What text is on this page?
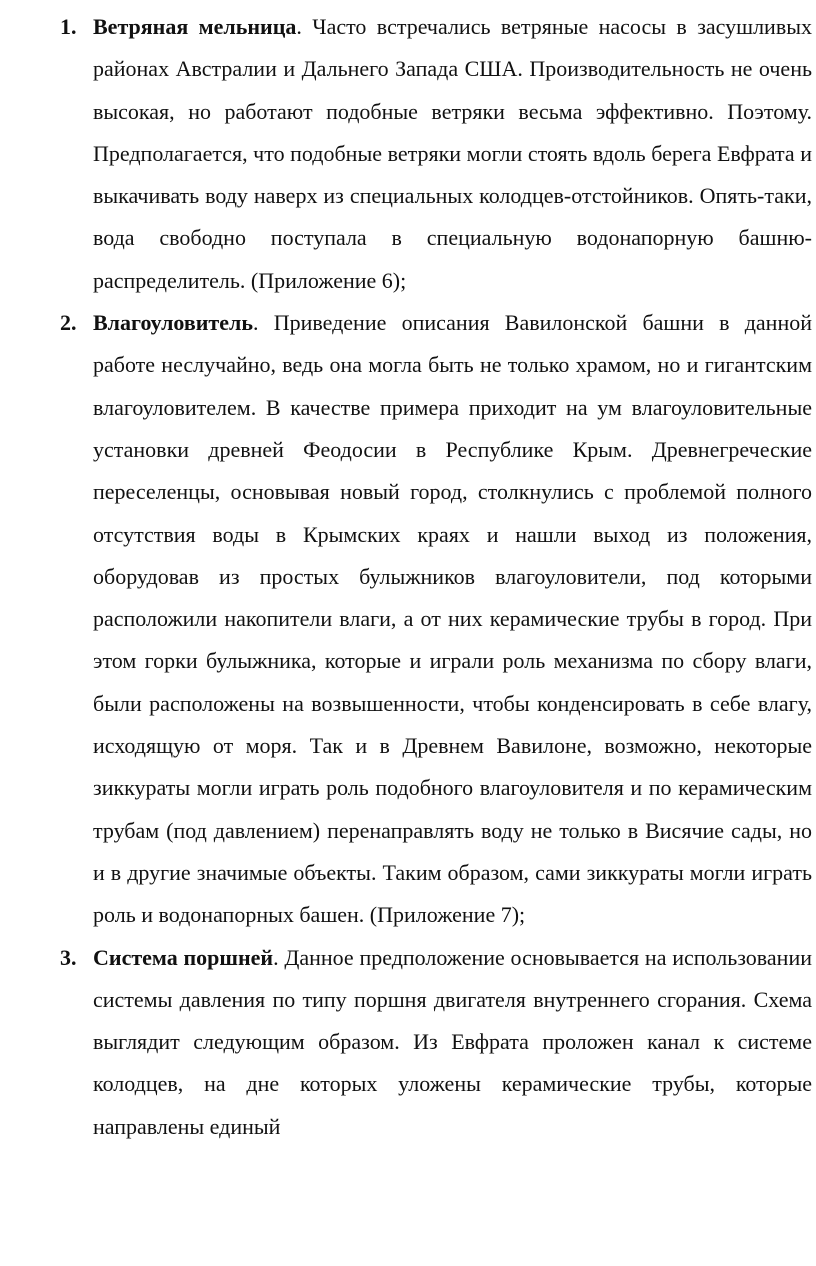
1. Ветряная мельница. Часто встречались ветряные насосы в засушливых районах Австралии и Дальнего Запада США. Производительность не очень высокая, но работают подобные ветряки весьма эффективно. Поэтому. Предполагается, что подобные ветряки могли стоять вдоль берега Евфрата и выкачивать воду наверх из специальных колодцев-отстойников. Опять-таки, вода свободно поступала в специальную водонапорную башню-распределитель. (Приложение 6);
2. Влагоуловитель. Приведение описания Вавилонской башни в данной работе неслучайно, ведь она могла быть не только храмом, но и гигантским влагоуловителем. В качестве примера приходит на ум влагоуловительные установки древней Феодосии в Республике Крым. Древнегреческие переселенцы, основывая новый город, столкнулись с проблемой полного отсутствия воды в Крымских краях и нашли выход из положения, оборудовав из простых булыжников влагоуловители, под которыми расположили накопители влаги, а от них керамические трубы в город. При этом горки булыжника, которые и играли роль механизма по сбору влаги, были расположены на возвышенности, чтобы конденсировать в себе влагу, исходящую от моря. Так и в Древнем Вавилоне, возможно, некоторые зиккураты могли играть роль подобного влагоуловителя и по керамическим трубам (под давлением) перенаправлять воду не только в Висячие сады, но и в другие значимые объекты. Таким образом, сами зиккураты могли играть роль и водонапорных башен. (Приложение 7);
3. Система поршней. Данное предположение основывается на использовании системы давления по типу поршня двигателя внутреннего сгорания. Схема выглядит следующим образом. Из Евфрата проложен канал к системе колодцев, на дне которых уложены керамические трубы, которые направлены единый
